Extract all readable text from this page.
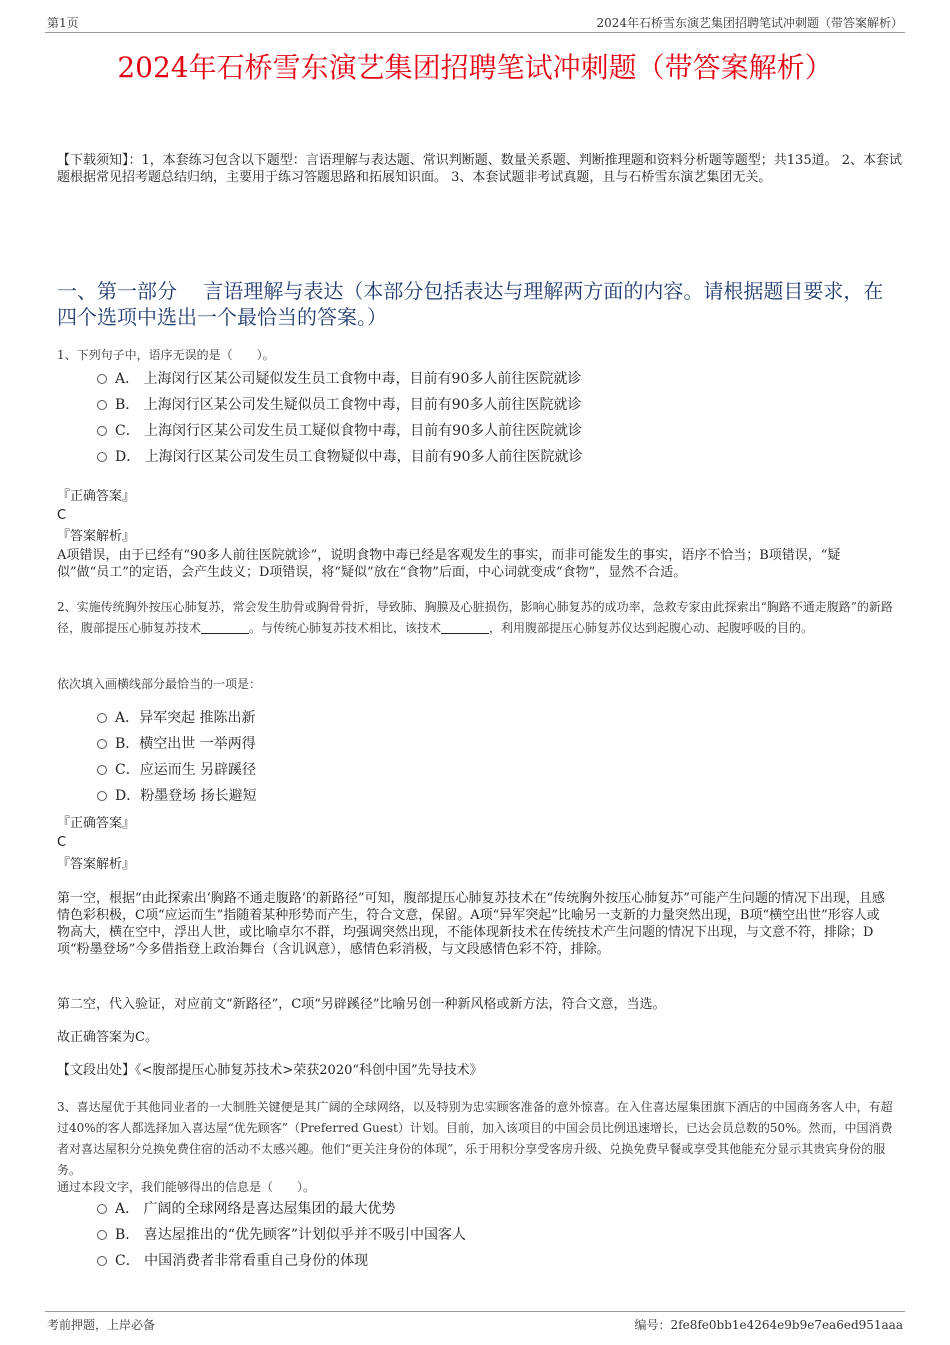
第1页	2024年石桥雪东演艺集团招聘笔试冲刺题（带答案解析）
2024年石桥雪东演艺集团招聘笔试冲刺题（带答案解析）
【下载须知】：1，本套练习包含以下题型：言语理解与表达题、常识判断题、数量关系题、判断推理题和资料分析题等题型；共135道。 2、本套试题根据常见招考题总结归纳，主要用于练习答题思路和拓展知识面。 3、本套试题非考试真题，且与石桥雪东演艺集团无关。
一、第一部分　 言语理解与表达（本部分包括表达与理解两方面的内容。请根据题目要求，在四个选项中选出一个最恰当的答案。）
1、下列句子中，语序无误的是（　　）。
A． 上海闵行区某公司疑似发生员工食物中毒，目前有90多人前往医院就诊
B． 上海闵行区某公司发生疑似员工食物中毒，目前有90多人前往医院就诊
C． 上海闵行区某公司发生员工疑似食物中毒，目前有90多人前往医院就诊
D． 上海闵行区某公司发生员工食物疑似中毒，目前有90多人前往医院就诊
『正确答案』
C
『答案解析』
A项错误，由于已经有“90多人前往医院就诊”，说明食物中毒已经是客观发生的事实，而非可能发生的事实，语序不恰当；B项错误，“疑似”做“员工”的定语，会产生歧义；D项错误，将“疑似”放在“食物”后面，中心词就变成“食物”，显然不合适。
2、实施传统胸外按压心肺复苏，常会发生肋骨或胸骨骨折，导致肺、胸膜及心脏损伤，影响心肺复苏的成功率，急救专家由此探索出“胸路不通走腹路”的新路径，腹部提压心肺复苏技术	。与传统心肺复苏技术相比，该技术	，利用腹部提压心肺复苏仪达到起腹心动、起腹呼吸的目的。
依次填入画横线部分最恰当的一项是：
A．异军突起 推陈出新
B．横空出世 一举两得
C．应运而生 另辟蹊径
D．粉墨登场 扬长避短
『正确答案』
C
『答案解析』
第一空，根据“由此探索出‘胸路不通走腹路’的新路径”可知，腹部提压心肺复苏技术在“传统胸外按压心肺复苏”可能产生问题的情况下出现，且感情色彩积极，C项“应运而生”指随着某种形势而产生，符合文意，保留。A项“异军突起”比喻另一支新的力量突然出现，B项“横空出世”形容人或物高大，横在空中，浮出人世，或比喻卓尔不群，均强调突然出现，不能体现新技术在传统技术产生问题的情况下出现，与文意不符，排除；D项“粉墨登场”今多借指登上政治舞台（含讥讽意），感情色彩消极，与文段感情色彩不符，排除。
第二空，代入验证，对应前文“新路径”，C项“另辟蹊径”比喻另创一种新风格或新方法，符合文意，当选。
故正确答案为C。
【文段出处】《<腹部提压心肺复苏技术>荣获2020“科创中国”先导技术》
3、喜达屋优于其他同业者的一大制胜关键便是其广阔的全球网络，以及特别为忠实顾客准备的意外惊喜。在入住喜达屋集团旗下酒店的中国商务客人中，有超过40%的客人都选择加入喜达屋“优先顾客”（Preferred Guest）计划。目前，加入该项目的中国会员比例迅速增长，已达会员总数的50%。然而，中国消费者对喜达屋积分兑换免费住宿的活动不太感兴趣。他们“更关注身份的体现”，乐于用积分享受客房升级、兑换免费早餐或享受其他能充分显示其贵宾身份的服务。
通过本段文字，我们能够得出的信息是（　　）。
A． 广阔的全球网络是喜达屋集团的最大优势
B． 喜达屋推出的“优先顾客”计划似乎并不吸引中国客人
C． 中国消费者非常看重自己身份的体现
考前押题，上岸必备	编号：2fe8fe0bb1e4264e9b9e7ea6ed951aaa
